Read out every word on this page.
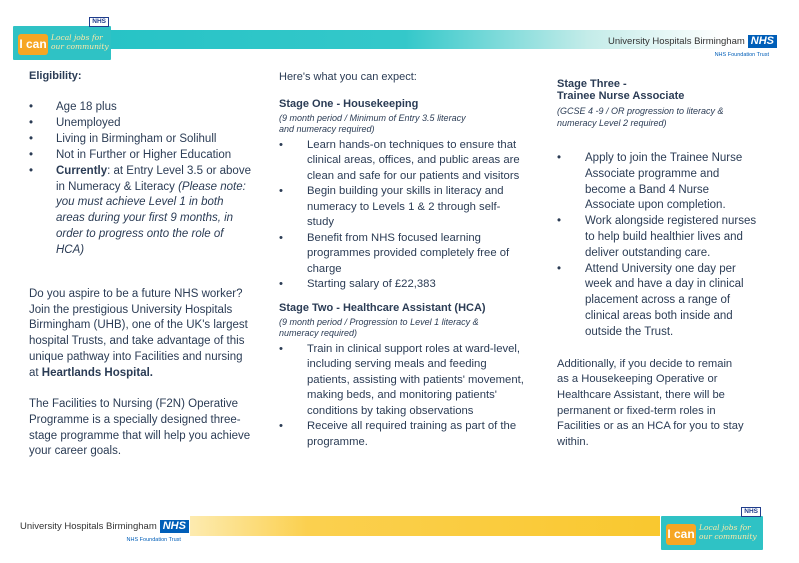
I can Local jobs for our community
NHS
University Hospitals Birmingham NHS
NHS Foundation Trust
Eligibility:
• Age 18 plus
• Unemployed
• Living in Birmingham or Solihull
• Not in Further or Higher Education
• Currently: at Entry Level 3.5 or above in Numeracy & Literacy (Please note: you must achieve Level 1 in both areas during your first 9 months, in order to progress onto the role of HCA)

Do you aspire to be a future NHS worker? Join the prestigious University Hospitals Birmingham (UHB), one of the UK's largest hospital Trusts, and take advantage of this unique pathway into Facilities and nursing at Heartlands Hospital.

The Facilities to Nursing (F2N) Operative Programme is a specially designed three-stage programme that will help you achieve your career goals.

Here's what you can expect:

Stage One - Housekeeping
(9 month period / Minimum of Entry 3.5 literacy and numeracy required)
• Learn hands-on techniques to ensure that clinical areas, offices, and public areas are clean and safe for our patients and visitors
• Begin building your skills in literacy and numeracy to Levels 1 & 2 through self-study
• Benefit from NHS focused learning programmes provided completely free of charge
• Starting salary of £22,383
Stage Two - Healthcare Assistant (HCA)
(9 month period / Progression to Level 1 literacy & numeracy required)
• Train in clinical support roles at ward-level, including serving meals and feeding patients, assisting with patients' movement, making beds, and monitoring patients' conditions by taking observations
• Receive all required training as part of the programme.
Stage Three -
Trainee Nurse Associate
(GCSE 4 -9 / OR progression to literacy & numeracy Level 2 required)
• Apply to join the Trainee Nurse Associate programme and become a Band 4 Nurse Associate upon completion.
• Work alongside registered nurses to help build healthier lives and deliver outstanding care.
• Attend University one day per week and have a day in clinical placement across a range of clinical areas both inside and outside the Trust.

Additionally, if you decide to remain as a Housekeeping Operative or Healthcare Assistant, there will be permanent or fixed-term roles in Facilities or as an HCA for you to stay within.

University Hospitals Birmingham NHS
NHS Foundation Trust	I can Local jobs for our community
NHS
